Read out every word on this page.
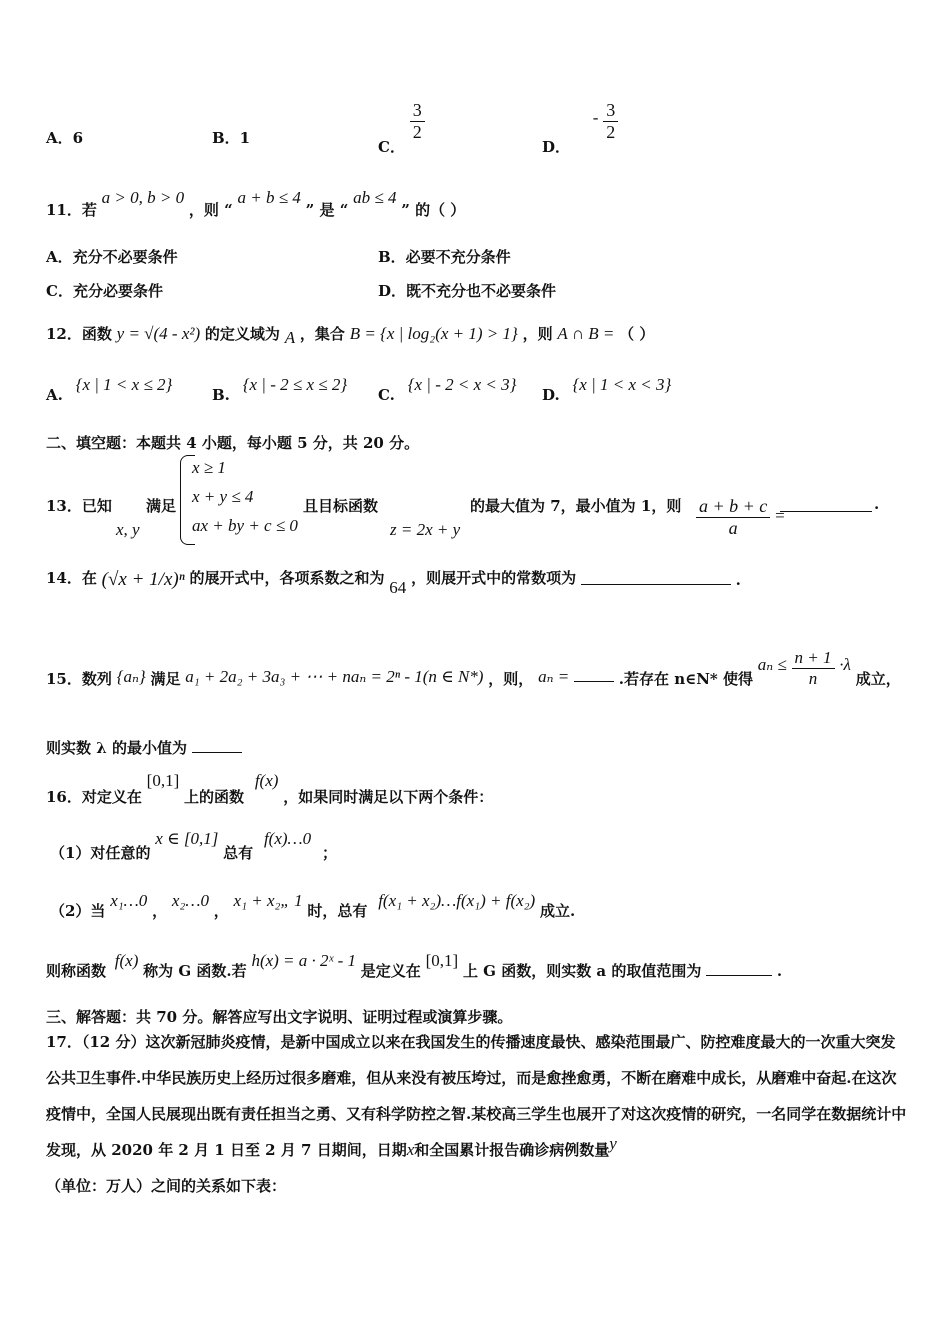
A．6	B．1
C．
$\frac{3}{2}$
D． - $\frac{3}{2}$
11．若 a > 0, b > 0 ，则 “ a + b ≤ 4 ” 是 “ ab ≤ 4 ” 的（ ）
A．充分不必要条件	B．必要不充分条件
C．充分必要条件	D．既不充分也不必要条件
12．函数 y = √(4 - x²) 的定义域为 A ，集合 B = {x | log₂(x + 1) > 1} ，则 A ∩ B = （ ）
A. {x | 1 < x ≤ 2}
B. {x | - 2 ≤ x ≤ 2}
C. {x | - 2 < x < 3}
D. {x | 1 < x < 3}
二、填空题：本题共 4 小题，每小题 5 分，共 20 分。
13．已知
x, y
满足
x ≥ 1
x + y ≤ 4
ax + by + c ≤ 0
且目标函数
z = 2x + y
的最大值为 7，最小值为 1，则 $\frac{a + b + c}{a}$ =
.
14．在 (√x + 1/x)ⁿ 的展开式中，各项系数之和为 64 ，则展开式中的常数项为	.
15．数列 {aₙ} 满足 a₁ + 2a₂ + 3a₃ + ⋯ + naₙ = 2ⁿ - 1(n ∈ N*) ，则， aₙ =	.若存在 n∈N* 使得 $a_n \le \frac{n + 1}{n} \cdot\lambda$ 成立，
则实数 λ 的最小值为
16．对定义在 [0,1] 上的函数 f(x) ，如果同时满足以下两个条件：
（1）对任意的 x ∈ [0,1] 总有 f(x)…0 ；
（2）当 x₁…0 ， x₂…0 ， x₁ + x₂„ 1 时，总有 f(x₁ + x₂)…f(x₁) + f(x₂) 成立.
则称函数 f(x) 称为 G 函数.若 h(x) = a · 2ˣ - 1 是定义在 [0,1] 上 G 函数，则实数 a 的取值范围为	.
三、解答题：共 70 分。解答应写出文字说明、证明过程或演算步骤。
17．（12 分）这次新冠肺炎疫情，是新中国成立以来在我国发生的传播速度最快、感染范围最广、防控难度最大的一次重大突发公共卫生事件.中华民族历史上经历过很多磨难，但从来没有被压垮过，而是愈挫愈勇，不断在磨难中成长，从磨难中奋起.在这次疫情中，全国人民展现出既有责任担当之勇、又有科学防控之智.某校高三学生也展开了对这次疫情的研究，一名同学在数据统计中发现，从 2020 年 2 月 1 日至 2 月 7 日期间，日期x和全国累计报告确诊病例数量y
（单位：万人）之间的关系如下表：
